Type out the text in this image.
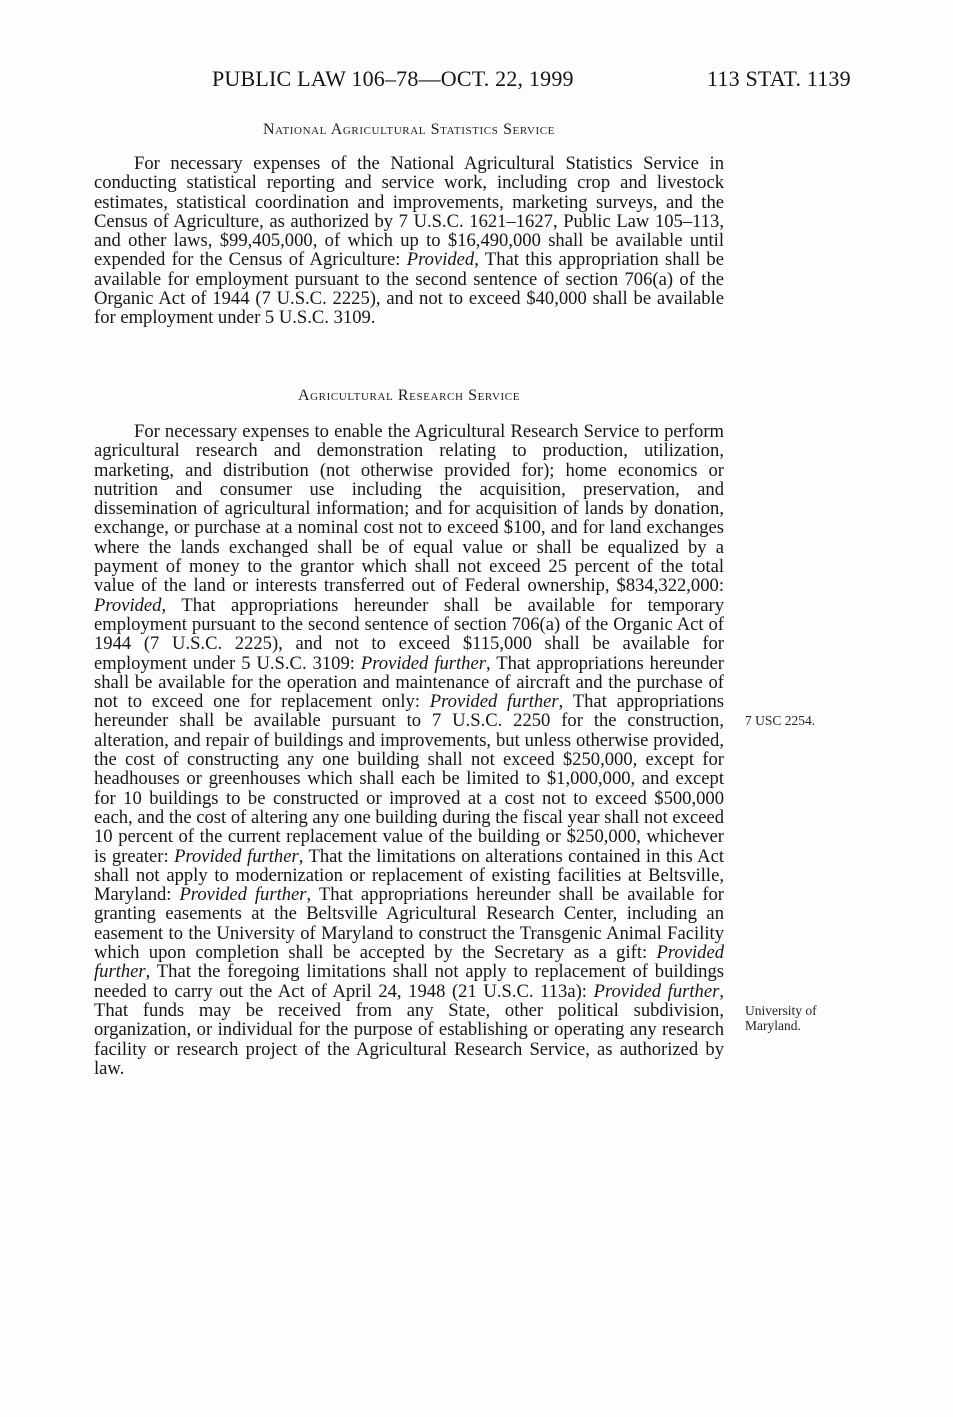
PUBLIC LAW 106–78—OCT. 22, 1999	113 STAT. 1139
National Agricultural Statistics Service

For necessary expenses of the National Agricultural Statistics Service in conducting statistical reporting and service work, including crop and livestock estimates, statistical coordination and improvements, marketing surveys, and the Census of Agriculture, as authorized by 7 U.S.C. 1621–1627, Public Law 105–113, and other laws, $99,405,000, of which up to $16,490,000 shall be available until expended for the Census of Agriculture: Provided, That this appropriation shall be available for employment pursuant to the second sentence of section 706(a) of the Organic Act of 1944 (7 U.S.C. 2225), and not to exceed $40,000 shall be available for employment under 5 U.S.C. 3109.

Agricultural Research Service

For necessary expenses to enable the Agricultural Research Service to perform agricultural research and demonstration relating to production, utilization, marketing, and distribution (not otherwise provided for); home economics or nutrition and consumer use including the acquisition, preservation, and dissemination of agricultural information; and for acquisition of lands by donation, exchange, or purchase at a nominal cost not to exceed $100, and for land exchanges where the lands exchanged shall be of equal value or shall be equalized by a payment of money to the grantor which shall not exceed 25 percent of the total value of the land or interests transferred out of Federal ownership, $834,322,000: Provided, That appropriations hereunder shall be available for temporary employment pursuant to the second sentence of section 706(a) of the Organic Act of 1944 (7 U.S.C. 2225), and not to exceed $115,000 shall be available for employment under 5 U.S.C. 3109: Provided further, That appropriations hereunder shall be available for the operation and maintenance of aircraft and the purchase of not to exceed one for replacement only: Provided further, That appropriations hereunder shall be available pursuant to 7 U.S.C. 2250 for the construction, alteration, and repair of buildings and improvements, but unless otherwise provided, the cost of constructing any one building shall not exceed $250,000, except for headhouses or greenhouses which shall each be limited to $1,000,000, and except for 10 buildings to be constructed or improved at a cost not to exceed $500,000 each, and the cost of altering any one building during the fiscal year shall not exceed 10 percent of the current replacement value of the building or $250,000, whichever is greater: Provided further, That the limitations on alterations contained in this Act shall not apply to modernization or replacement of existing facilities at Beltsville, Maryland: Provided further, That appropriations hereunder shall be available for granting easements at the Beltsville Agricultural Research Center, including an easement to the University of Maryland to construct the Transgenic Animal Facility which upon completion shall be accepted by the Secretary as a gift: Provided further, That the foregoing limitations shall not apply to replacement of buildings needed to carry out the Act of April 24, 1948 (21 U.S.C. 113a): Provided further, That funds may be received from any State, other political subdivision, organization, or individual for the purpose of establishing or operating any research facility or research project of the Agricultural Research Service, as authorized by law.

7 USC 2254.
University of Maryland.
